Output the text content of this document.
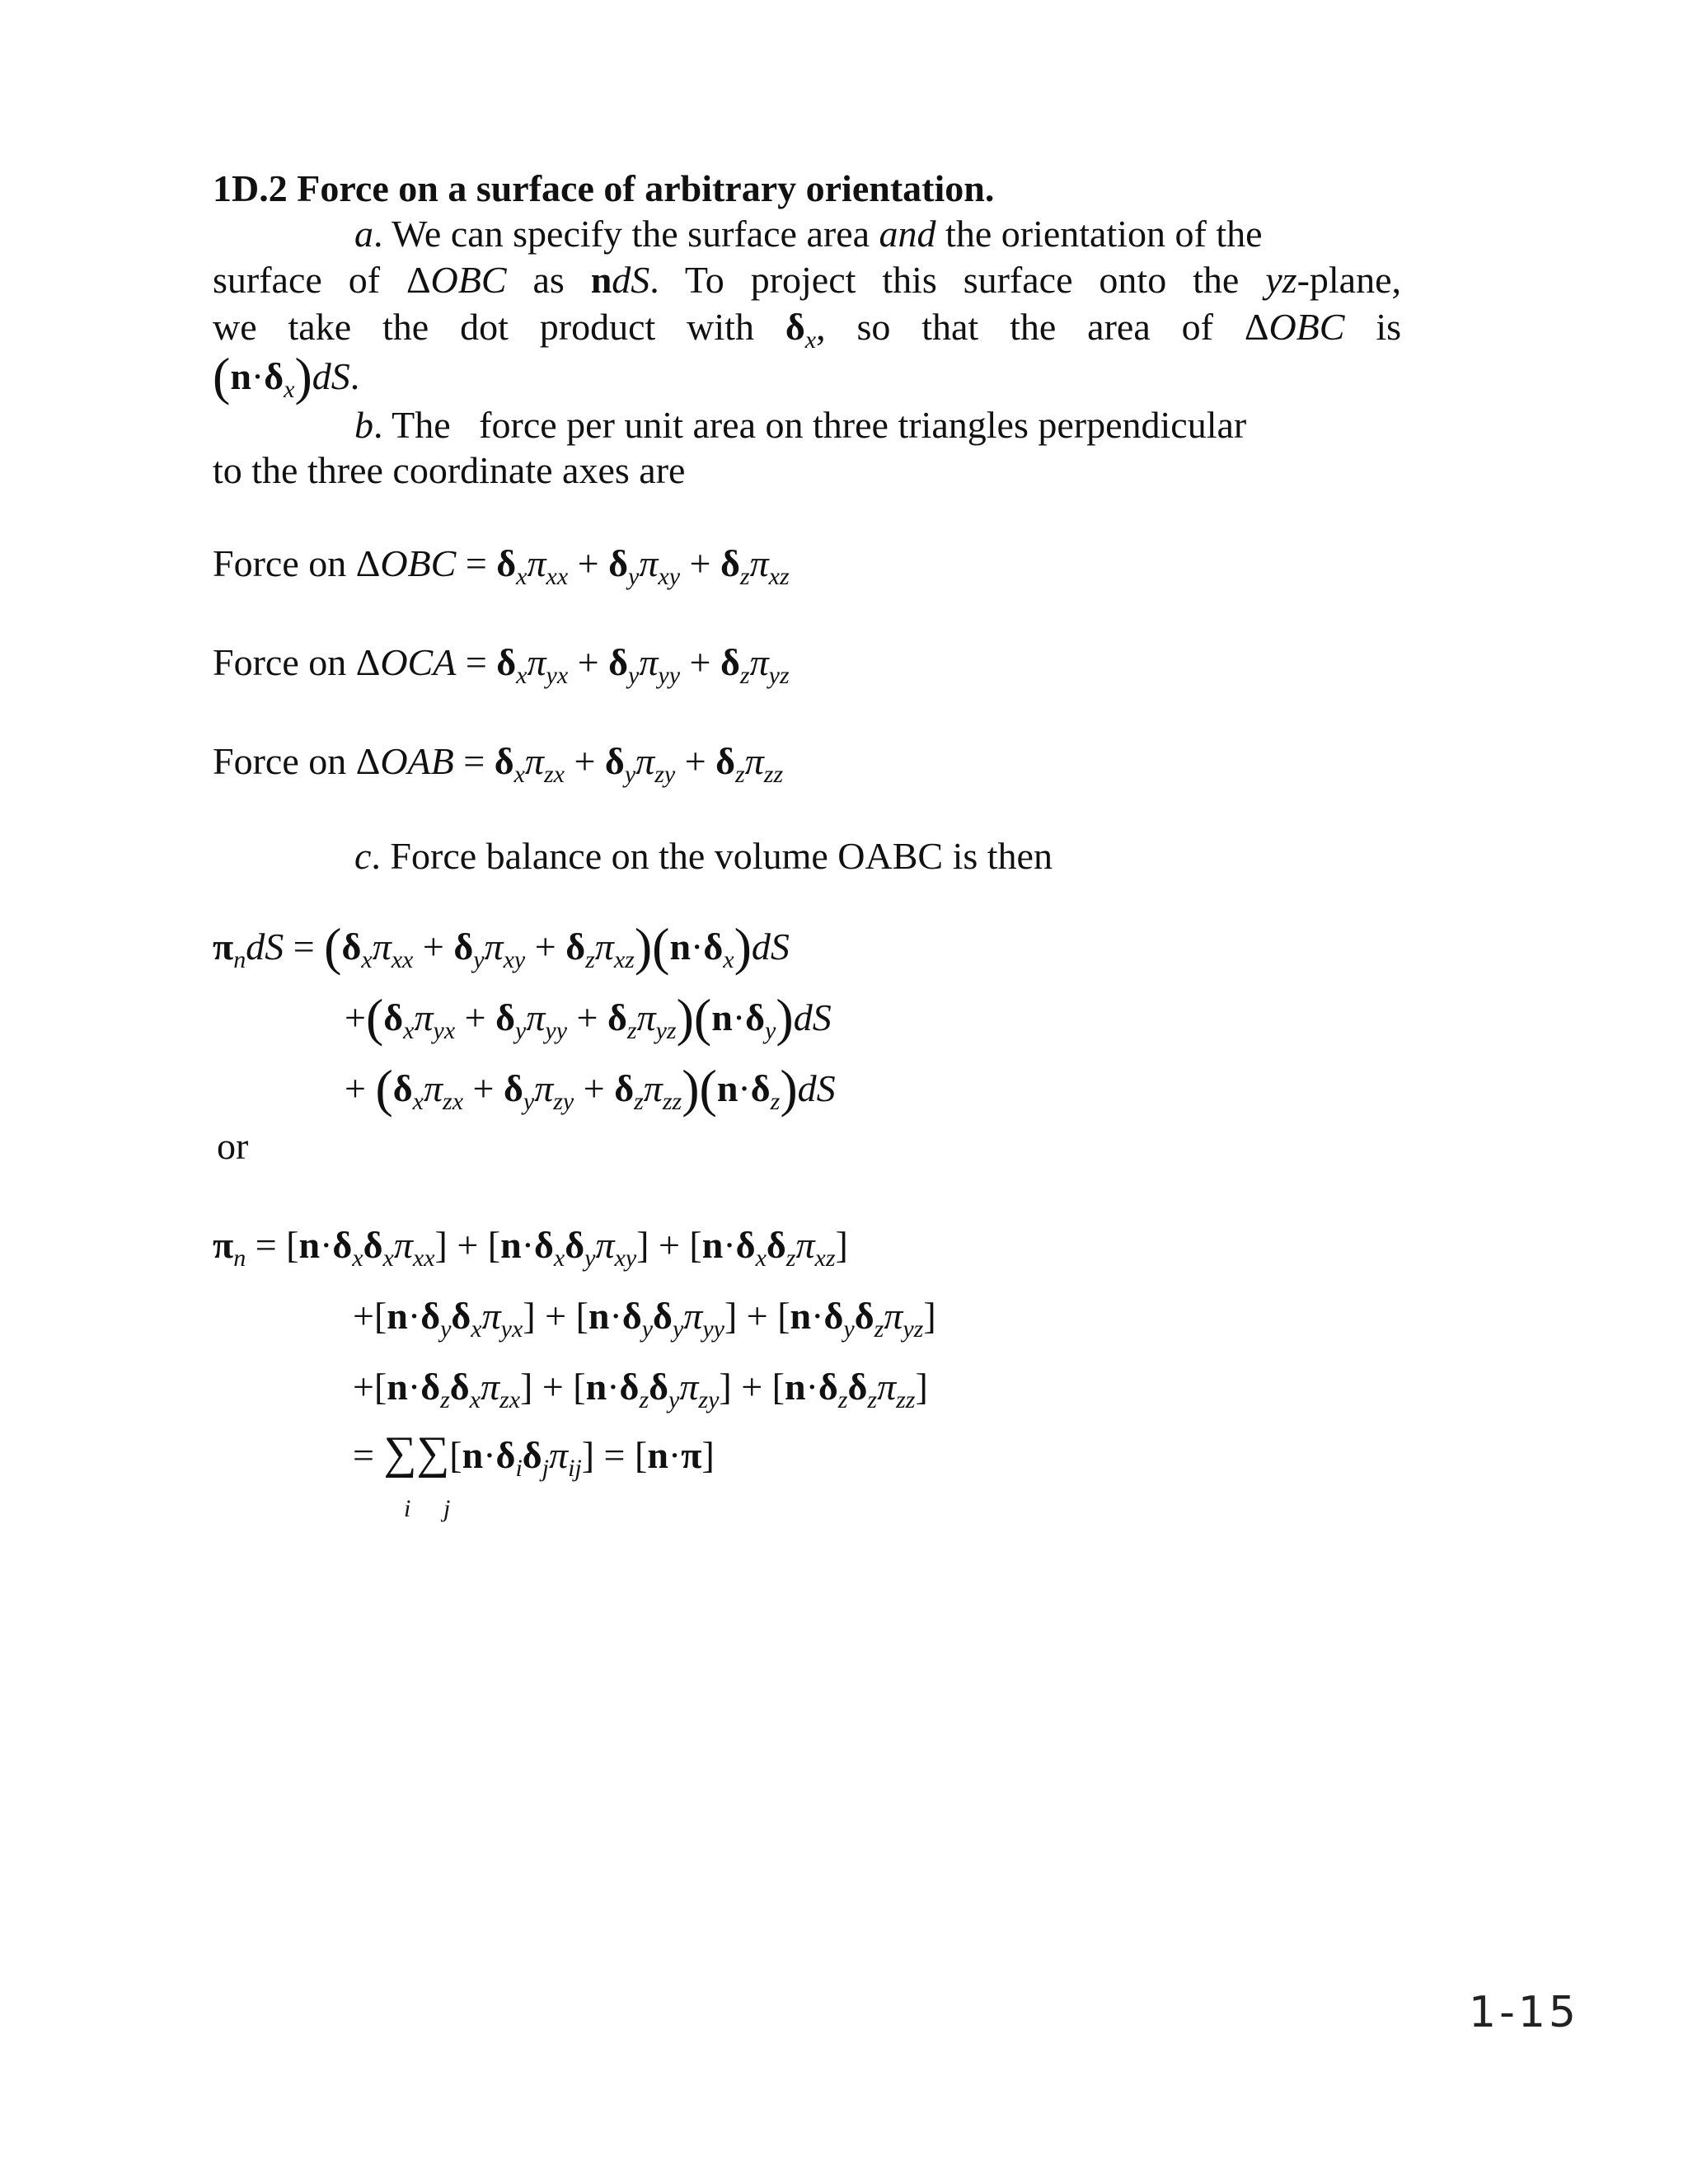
1D.2 Force on a surface of arbitrary orientation.
a. We can specify the surface area and the orientation of the
surface of ΔOBC as ndS. To project this surface onto the yz-plane,
we take the dot product with $\delta_x$, so that the area of ΔOBC is
$(n\cdot\delta_x)dS$.
b. The   force per unit area on three triangles perpendicular
to the three coordinate axes are
Force on $\Delta OBC = \delta_x\pi_{xx} + \delta_y\pi_{xy} + \delta_z\pi_{xz}$
Force on $\Delta OCA = \delta_x\pi_{yx} + \delta_y\pi_{yy} + \delta_z\pi_{yz}$
Force on $\Delta OAB = \delta_x\pi_{zx} + \delta_y\pi_{zy} + \delta_z\pi_{zz}$
c. Force balance on the volume OABC is then
$\pi_ndS = (\delta_x\pi_{xx} + \delta_y\pi_{xy} + \delta_z\pi_{xz})(n\cdot\delta_x)dS$
$+(\delta_x\pi_{yx} + \delta_y\pi_{yy} + \delta_z\pi_{yz})(n\cdot\delta_y)dS$
+ $(\delta_x\pi_{zx} + \delta_y\pi_{zy} + \delta_z\pi_{zz})(n\cdot\delta_z)dS$
or
$\pi_n = [n\cdot\delta_x\delta_x\pi_{xx}] + [n\cdot\delta_x\delta_y\pi_{xy}] + [n\cdot\delta_x\delta_z\pi_{xz}]$
$+[n\cdot\delta_y\delta_x\pi_{yx}] + [n\cdot\delta_y\delta_y\pi_{yy}] + [n\cdot\delta_y\delta_z\pi_{yz}]$
$+[n\cdot\delta_z\delta_x\pi_{zx}] + [n\cdot\delta_z\delta_y\pi_{zy}] + [n\cdot\delta_z\delta_z\pi_{zz}]$
= $\sum\sum[n\cdot\delta_i\delta_j\pi_{ij}] = [n\cdot\pi]$
i j
1-15
